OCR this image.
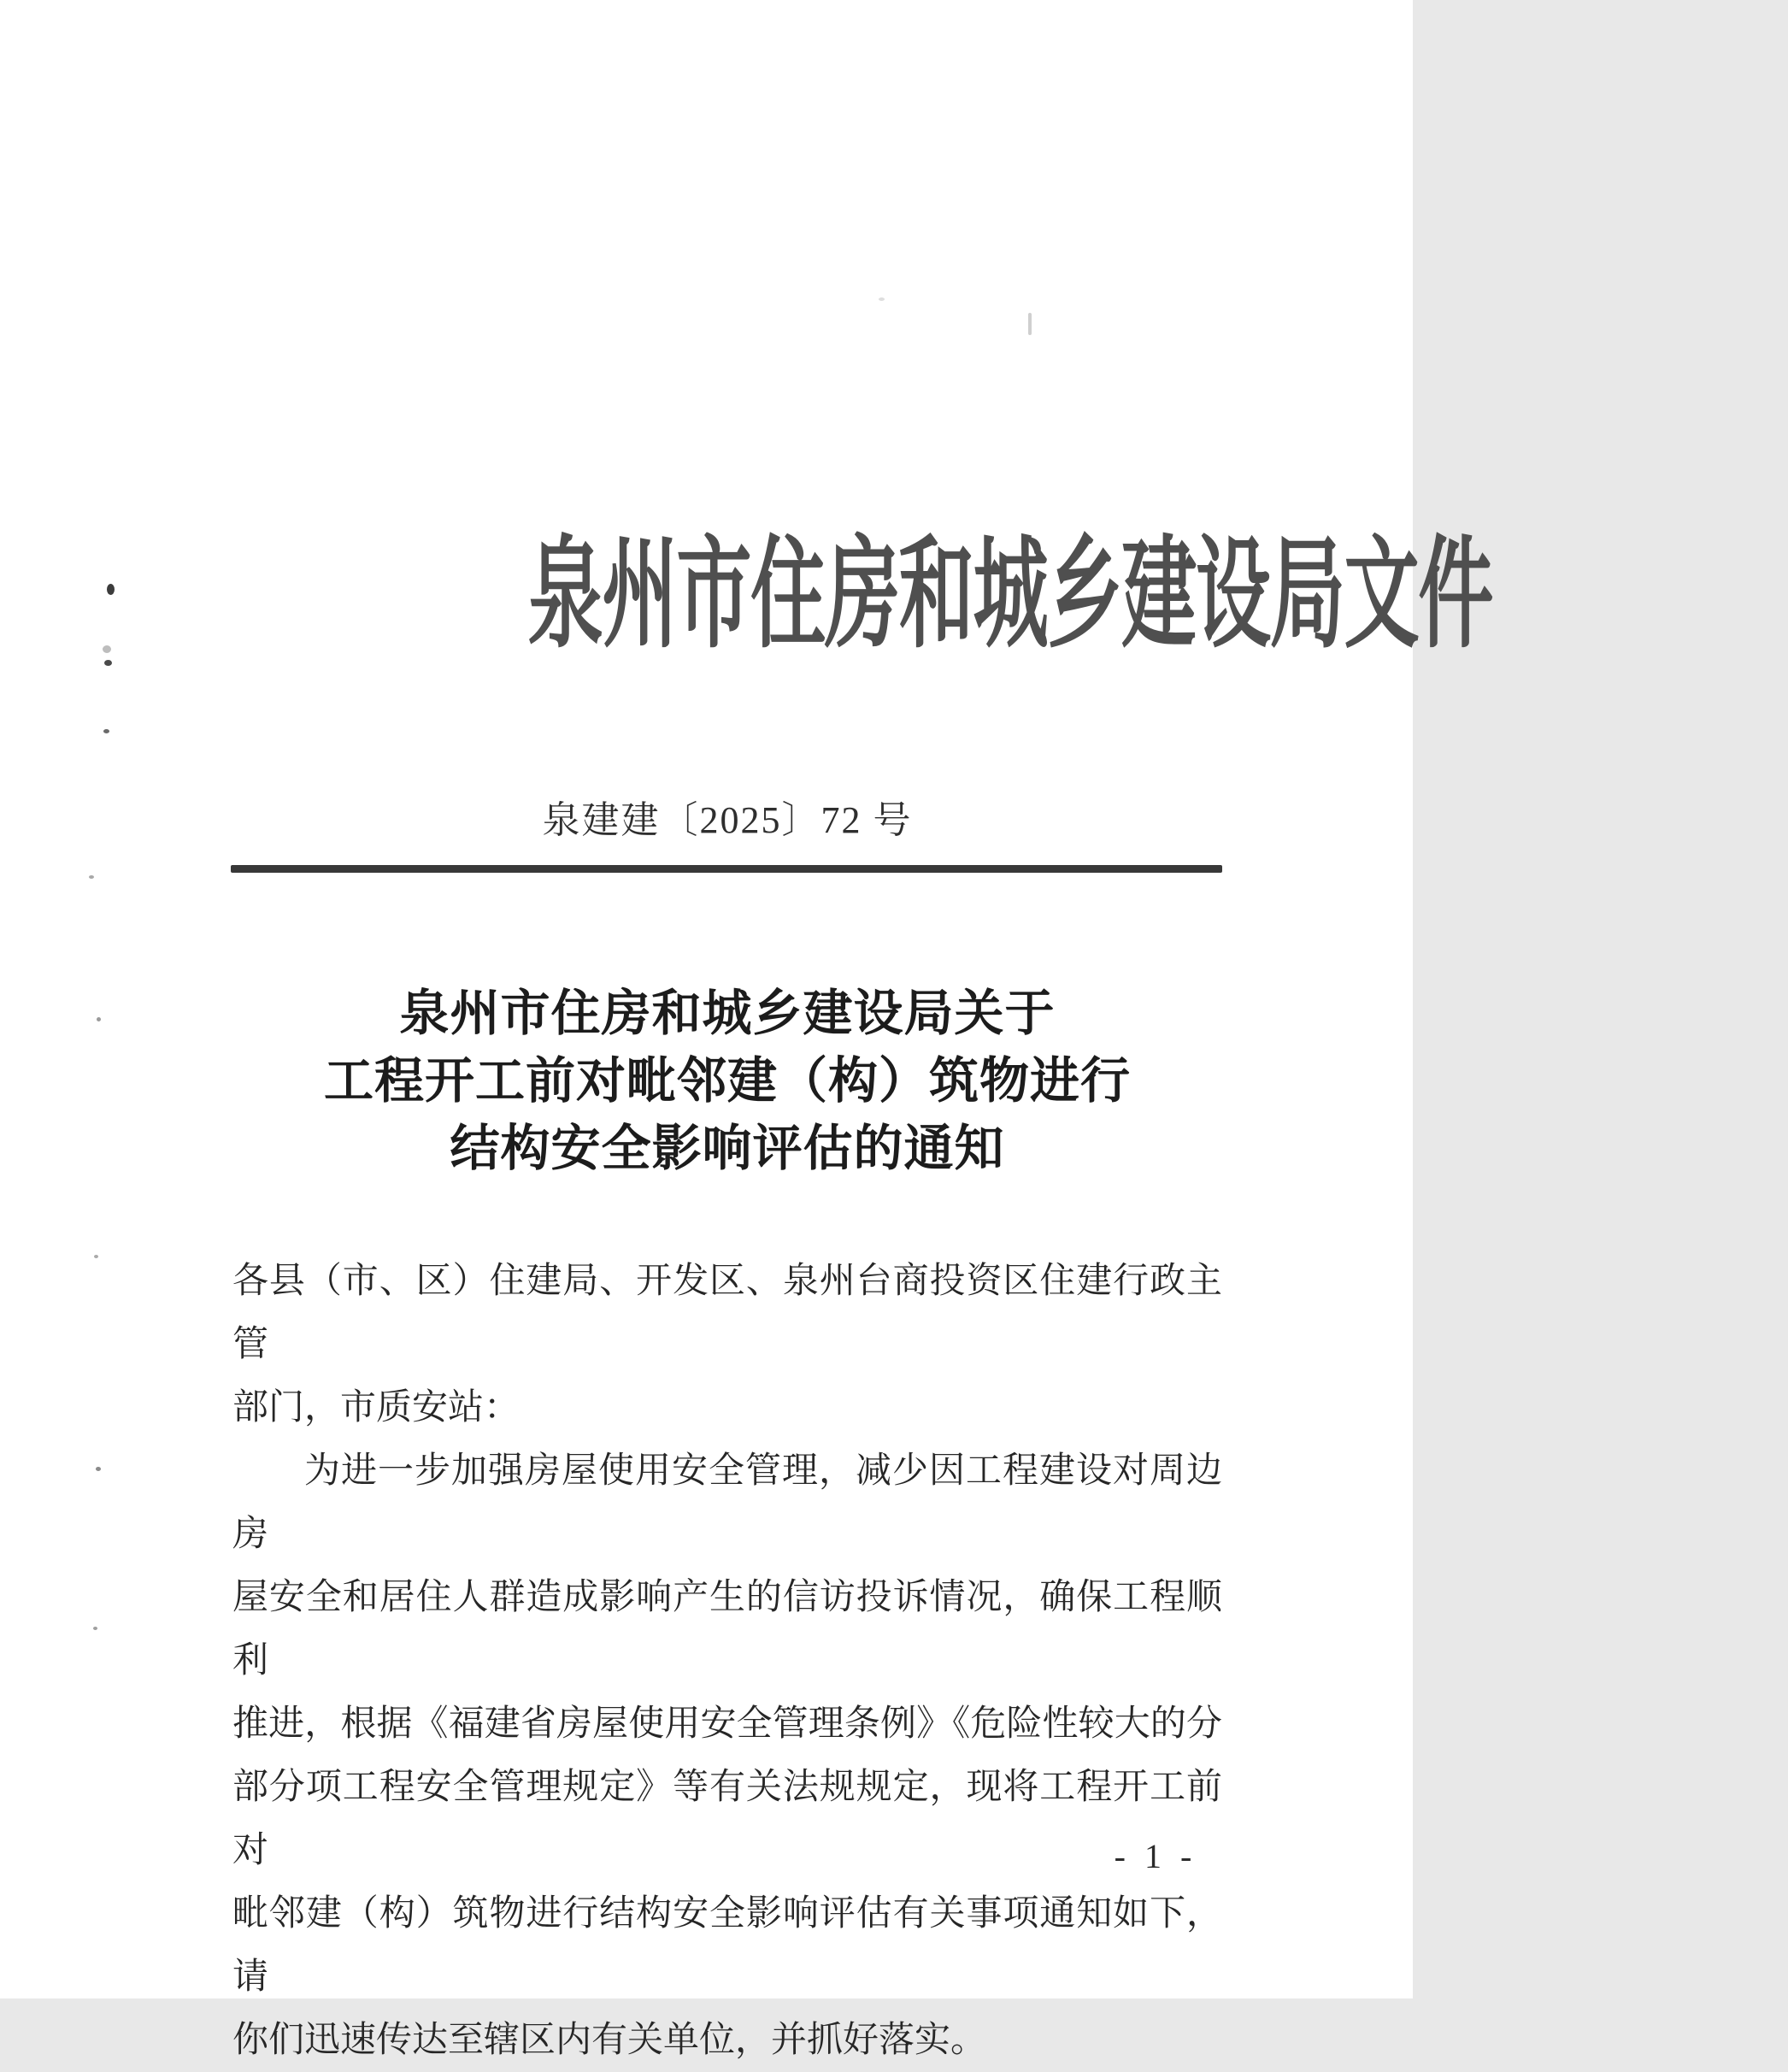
泉州市住房和城乡建设局文件
泉建建〔2025〕72 号
泉州市住房和城乡建设局关于
工程开工前对毗邻建（构）筑物进行
结构安全影响评估的通知
各县（市、区）住建局、开发区、泉州台商投资区住建行政主管
部门，市质安站：
为进一步加强房屋使用安全管理，减少因工程建设对周边房
屋安全和居住人群造成影响产生的信访投诉情况，确保工程顺利
推进，根据《福建省房屋使用安全管理条例》《危险性较大的分
部分项工程安全管理规定》等有关法规规定，现将工程开工前对
毗邻建（构）筑物进行结构安全影响评估有关事项通知如下，请
你们迅速传达至辖区内有关单位，并抓好落实。
- 1 -
